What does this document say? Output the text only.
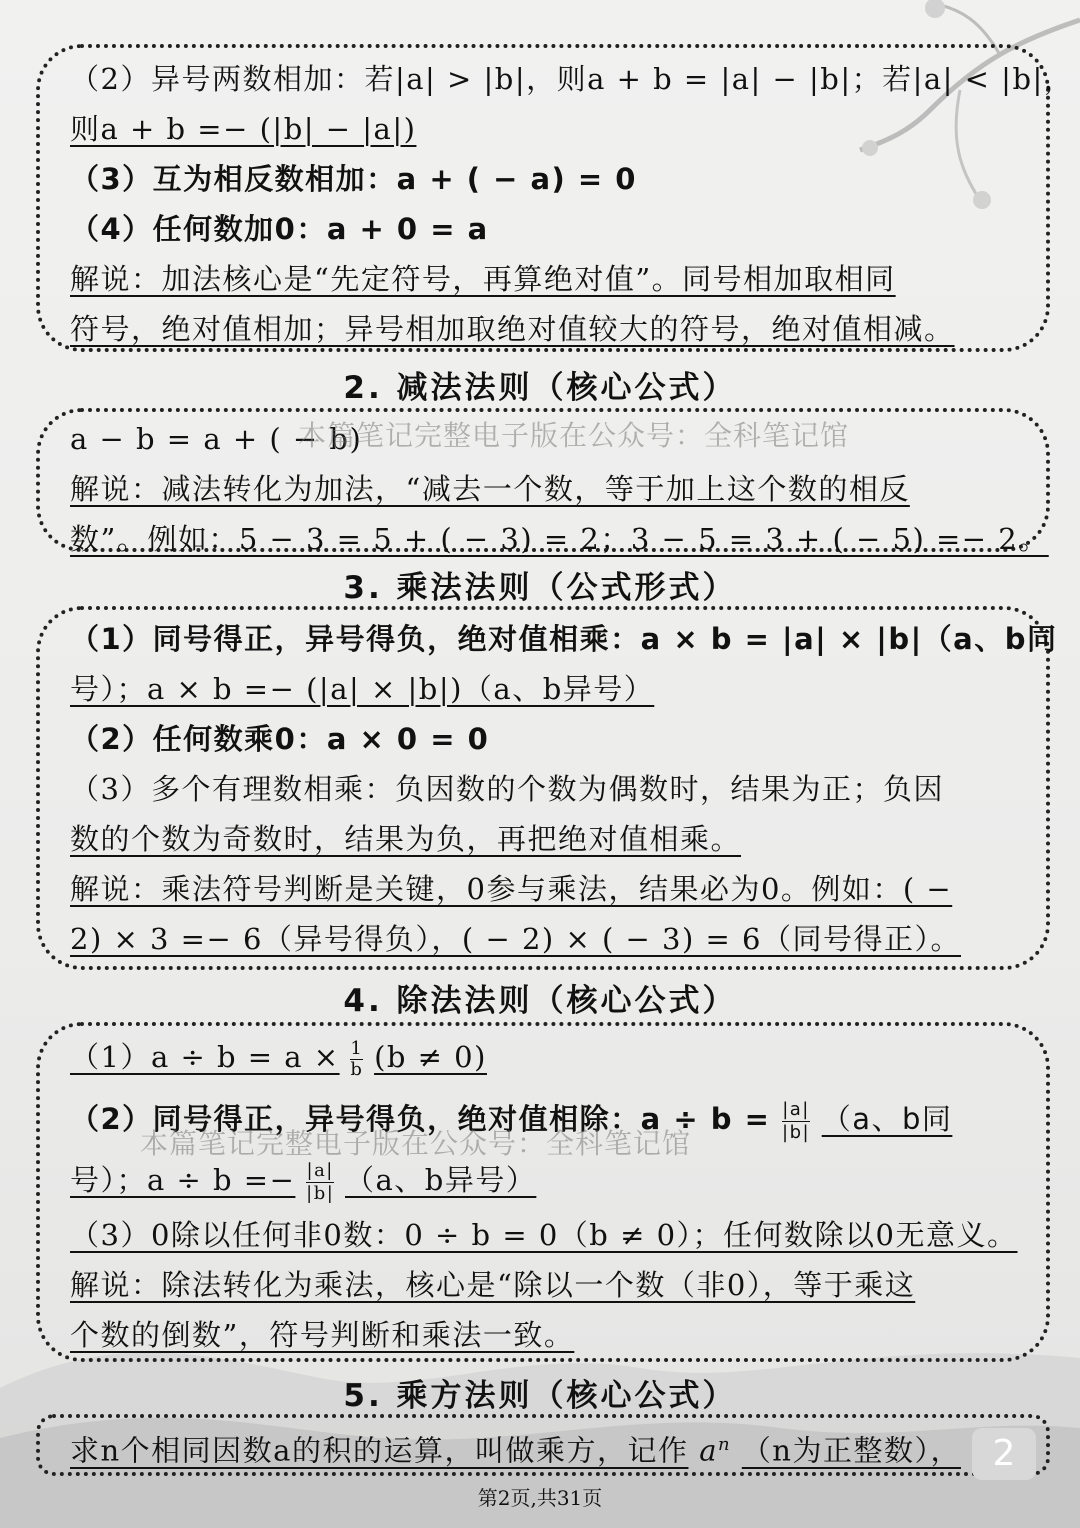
（2）异号两数相加：若|a| > |b|，则a + b = |a| − |b|；若|a| < |b|，
则a + b =− (|b| − |a|)
（3）互为相反数相加：a + ( − a) = 0
（4）任何数加0：a + 0 = a
解说：加法核心是“先定符号，再算绝对值”。同号相加取相同
符号，绝对值相加；异号相加取绝对值较大的符号，绝对值相减。
2. 减法法则（核心公式）
a − b = a + ( − b)
解说：减法转化为加法，“减去一个数，等于加上这个数的相反
数”。例如：5 − 3 = 5 + ( − 3) = 2；3 − 5 = 3 + ( − 5) =− 2。
本篇笔记完整电子版在公众号：全科笔记馆
3. 乘法法则（公式形式）
（1）同号得正，异号得负，绝对值相乘：a × b = |a| × |b|（a、b同
号）；a × b =− (|a| × |b|)（a、b异号）
（2）任何数乘0：a × 0 = 0
（3）多个有理数相乘：负因数的个数为偶数时，结果为正；负因
数的个数为奇数时，结果为负，再把绝对值相乘。
解说：乘法符号判断是关键，0参与乘法，结果必为0。例如：( −
2) × 3 =− 6（异号得负），( − 2) × ( − 3) = 6（同号得正）。
4. 除法法则（核心公式）
$(1)a \div b = a \times \frac{1}{b} (b \ne 0)$
（2）同号得正，异号得负，绝对值相除：$a \div b = \frac{|a|}{|b|} (a$、b同
号）；$a \div b =- \frac{|a|}{|b|} (a$、b异号）
（3）0除以任何非0数：0 ÷ b = 0（b ≠ 0）；任何数除以0无意义。
解说：除法转化为乘法，核心是“除以一个数（非0），等于乘这
个数的倒数”，符号判断和乘法一致。
本篇笔记完整电子版在公众号：全科笔记馆
5. 乘方法则（核心公式）
求n个相同因数a的积的运算，叫做乘方，记作 $a^n$ （n为正整数）， 2
第2页,共31页
